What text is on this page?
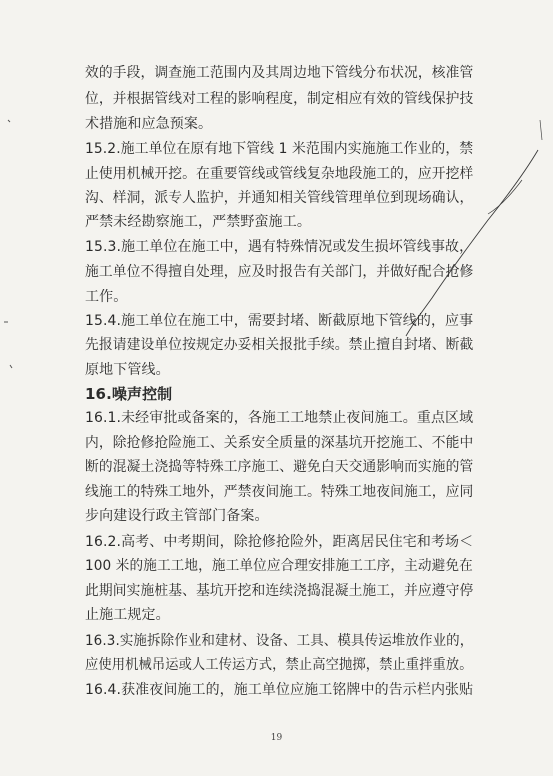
效的手段，调查施工范围内及其周边地下管线分布状况，核准管
位，并根据管线对工程的影响程度，制定相应有效的管线保护技
术措施和应急预案。
15.2.施工单位在原有地下管线 1 米范围内实施施工作业的，禁
止使用机械开挖。在重要管线或管线复杂地段施工的，应开挖样
沟、样洞，派专人监护，并通知相关管线管理单位到现场确认，
严禁未经勘察施工，严禁野蛮施工。
15.3.施工单位在施工中，遇有特殊情况或发生损坏管线事故，
施工单位不得擅自处理，应及时报告有关部门，并做好配合抢修
工作。
15.4.施工单位在施工中，需要封堵、断截原地下管线的，应事
先报请建设单位按规定办妥相关报批手续。禁止擅自封堵、断截
原地下管线。
16.噪声控制
16.1.未经审批或备案的，各施工工地禁止夜间施工。重点区域
内，除抢修抢险施工、关系安全质量的深基坑开挖施工、不能中
断的混凝土浇捣等特殊工序施工、避免白天交通影响而实施的管
线施工的特殊工地外，严禁夜间施工。特殊工地夜间施工，应同
步向建设行政主管部门备案。
16.2.高考、中考期间，除抢修抢险外，距离居民住宅和考场＜
100 米的施工工地，施工单位应合理安排施工工序，主动避免在
此期间实施桩基、基坑开挖和连续浇捣混凝土施工，并应遵守停
止施工规定。
16.3.实施拆除作业和建材、设备、工具、模具传运堆放作业的，
应使用机械吊运或人工传运方式，禁止高空抛掷，禁止重拌重放。
16.4.获准夜间施工的，施工单位应施工铭牌中的告示栏内张贴
19
